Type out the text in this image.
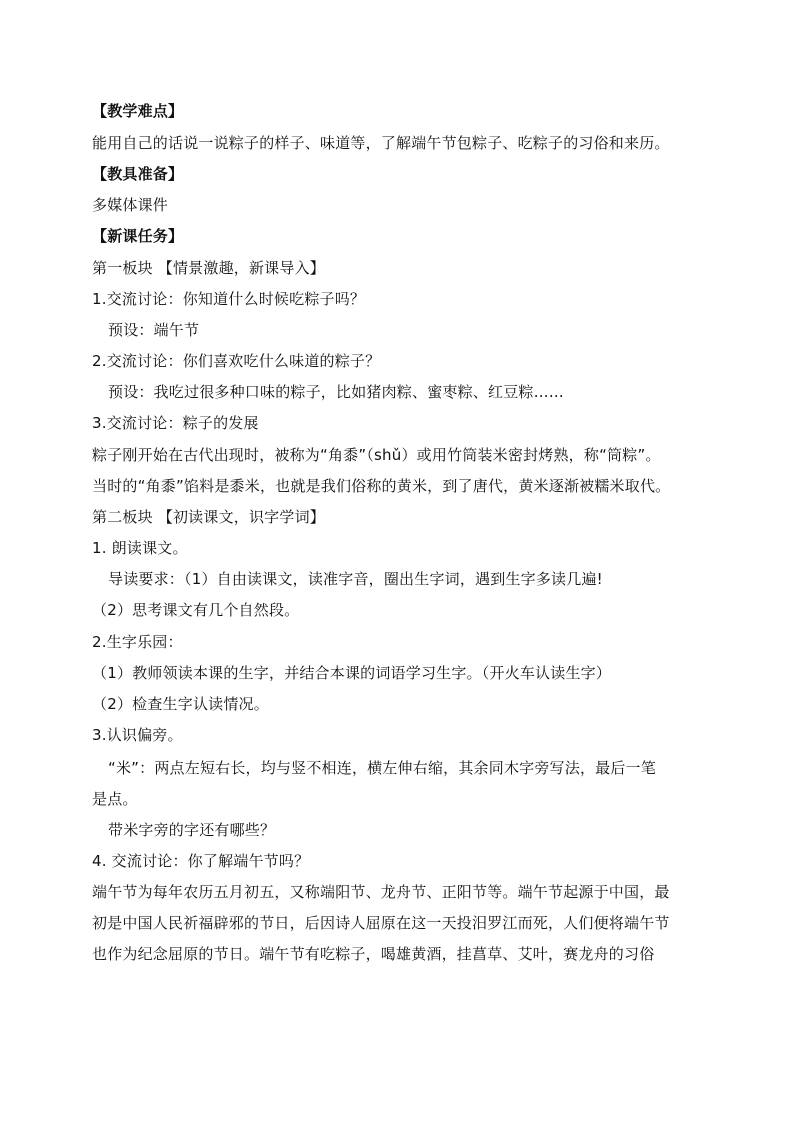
【教学难点】
能用自己的话说一说粽子的样子、味道等，了解端午节包粽子、吃粽子的习俗和来历。
【教具准备】
多媒体课件
【新课任务】
第一板块 【情景激趣，新课导入】
1.交流讨论：你知道什么时候吃粽子吗？
预设：端午节
2.交流讨论：你们喜欢吃什么味道的粽子？
预设：我吃过很多种口味的粽子，比如猪肉粽、蜜枣粽、红豆粽……
3.交流讨论：粽子的发展
粽子刚开始在古代出现时，被称为“角黍”（shǔ）或用竹筒装米密封烤熟，称“筒粽”。
当时的“角黍”馅料是黍米，也就是我们俗称的黄米，到了唐代，黄米逐渐被糯米取代。
第二板块 【初读课文，识字学词】
1. 朗读课文。
导读要求：（1）自由读课文，读准字音，圈出生字词，遇到生字多读几遍!
（2）思考课文有几个自然段。
2.生字乐园：
（1）教师领读本课的生字，并结合本课的词语学习生字。（开火车认读生字）
（2）检查生字认读情况。
3.认识偏旁。
“米”：两点左短右长，均与竖不相连，横左伸右缩，其余同木字旁写法，最后一笔
是点。
带米字旁的字还有哪些？
4. 交流讨论：你了解端午节吗？
端午节为每年农历五月初五，又称端阳节、龙舟节、正阳节等。端午节起源于中国，最
初是中国人民祈福辟邪的节日，后因诗人屈原在这一天投汨罗江而死，人们便将端午节
也作为纪念屈原的节日。端午节有吃粽子，喝雄黄酒，挂菖草、艾叶，赛龙舟的习俗
